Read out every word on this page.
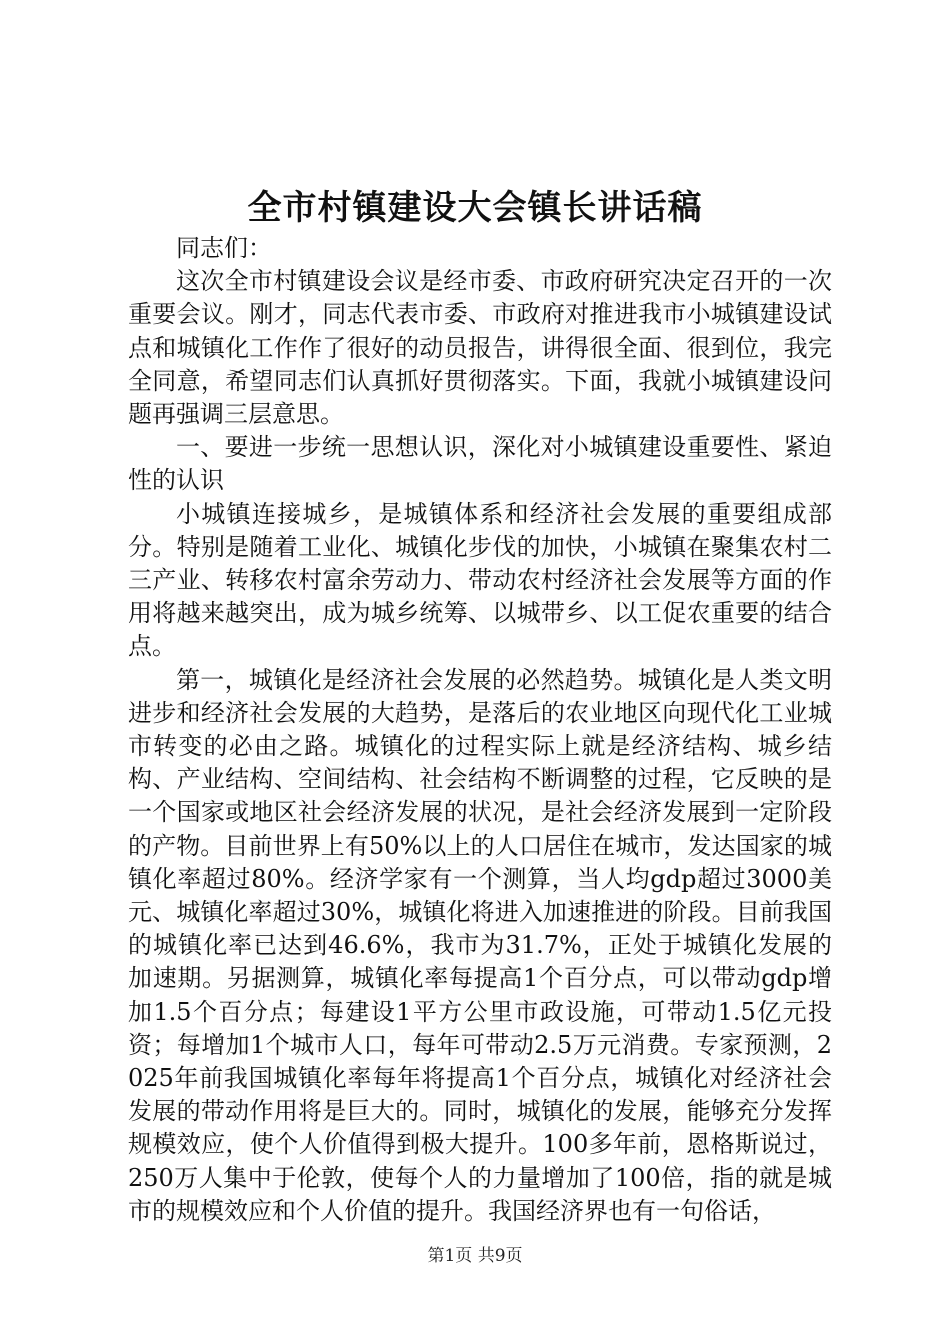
全市村镇建设大会镇长讲话稿

同志们：

这次全市村镇建设会议是经市委、市政府研究决定召开的一次重要会议。刚才，同志代表市委、市政府对推进我市小城镇建设试点和城镇化工作作了很好的动员报告，讲得很全面、很到位，我完全同意，希望同志们认真抓好贯彻落实。下面，我就小城镇建设问题再强调三层意思。

一、要进一步统一思想认识，深化对小城镇建设重要性、紧迫性的认识

小城镇连接城乡，是城镇体系和经济社会发展的重要组成部分。特别是随着工业化、城镇化步伐的加快，小城镇在聚集农村二三产业、转移农村富余劳动力、带动农村经济社会发展等方面的作用将越来越突出，成为城乡统筹、以城带乡、以工促农重要的结合点。

第一，城镇化是经济社会发展的必然趋势。城镇化是人类文明进步和经济社会发展的大趋势，是落后的农业地区向现代化工业城市转变的必由之路。城镇化的过程实际上就是经济结构、城乡结构、产业结构、空间结构、社会结构不断调整的过程，它反映的是一个国家或地区社会经济发展的状况，是社会经济发展到一定阶段的产物。目前世界上有50%以上的人口居住在城市，发达国家的城镇化率超过80%。经济学家有一个测算，当人均gdp超过3000美元、城镇化率超过30%，城镇化将进入加速推进的阶段。目前我国的城镇化率已达到46.6%，我市为31.7%，正处于城镇化发展的加速期。另据测算，城镇化率每提高1个百分点，可以带动gdp增加1.5个百分点；每建设1平方公里市政设施，可带动1.5亿元投资；每增加1个城市人口，每年可带动2.5万元消费。专家预测，2025年前我国城镇化率每年将提高1个百分点，城镇化对经济社会发展的带动作用将是巨大的。同时，城镇化的发展，能够充分发挥规模效应，使个人价值得到极大提升。100多年前，恩格斯说过，250万人集中于伦敦，使每个人的力量增加了100倍，指的就是城市的规模效应和个人价值的提升。我国经济界也有一句俗话，

第1页 共9页
